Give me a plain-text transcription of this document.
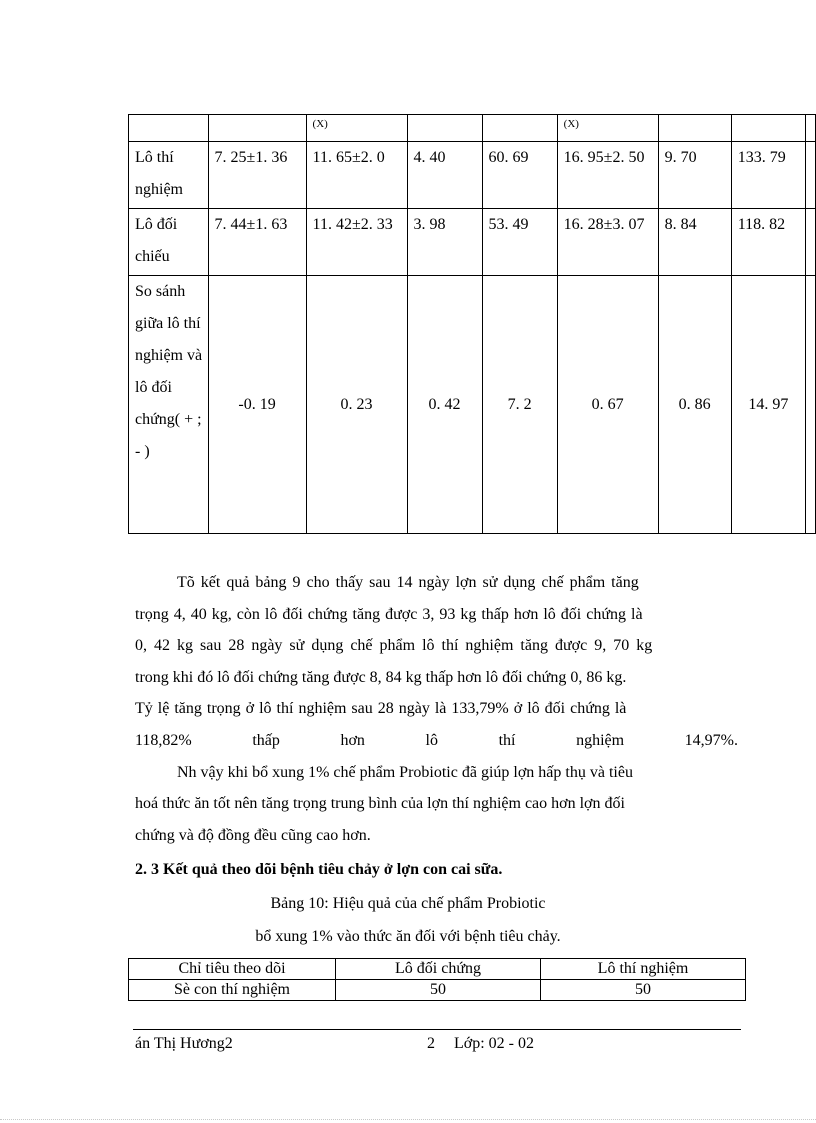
		(X)			(X)			

Lô thí nghiệm	7. 25±1. 36	11. 65±2. 0	4. 40	60. 69	16. 95±2. 50	9. 70	133. 79	
Lô đối chiếu	7. 44±1. 63	11. 42±2. 33	3. 98	53. 49	16. 28±3. 07	8. 84	118. 82	
So sánh giữa lô thí nghiệm và lô đối chứng( + ; - )	-0. 19	0. 23	0. 42	7. 2	0. 67	0. 86	14. 97	
Tõ kết quả bảng 9 cho thấy sau 14 ngày lợn sử dụng chế phẩm tăng
trọng 4, 40 kg, còn lô đối chứng tăng được 3, 93 kg thấp hơn lô đối chứng là
0, 42 kg sau 28 ngày sử dụng chế phẩm lô thí nghiệm tăng được 9, 70 kg
trong khi đó lô đối chứng tăng được 8, 84 kg thấp hơn lô đối chứng 0, 86 kg.
Tỷ lệ tăng trọng ở lô thí nghiệm sau 28 ngày là 133,79% ở lô đối chứng là
118,82%	thấp	hơn	lô	thí	nghiệm	14,97%.
Nh vậy khi bổ xung 1% chế phẩm Probiotic đã giúp lợn hấp thụ và tiêu
hoá thức ăn tốt nên tăng trọng trung bình của lợn thí nghiệm cao hơn lợn đối
chứng và độ đồng đều cũng cao hơn.
2. 3 Kết quả theo dõi bệnh tiêu chảy ở lợn con cai sữa.
Bảng 10: Hiệu quả của chế phẩm Probiotic
bổ xung 1% vào thức ăn đối với bệnh tiêu chảy.
Chỉ tiêu theo dõi	Lô đối chứng	Lô thí nghiệm
Sè con thí nghiệm	50	50
án Thị Hương2	2 Lớp: 02 - 02
